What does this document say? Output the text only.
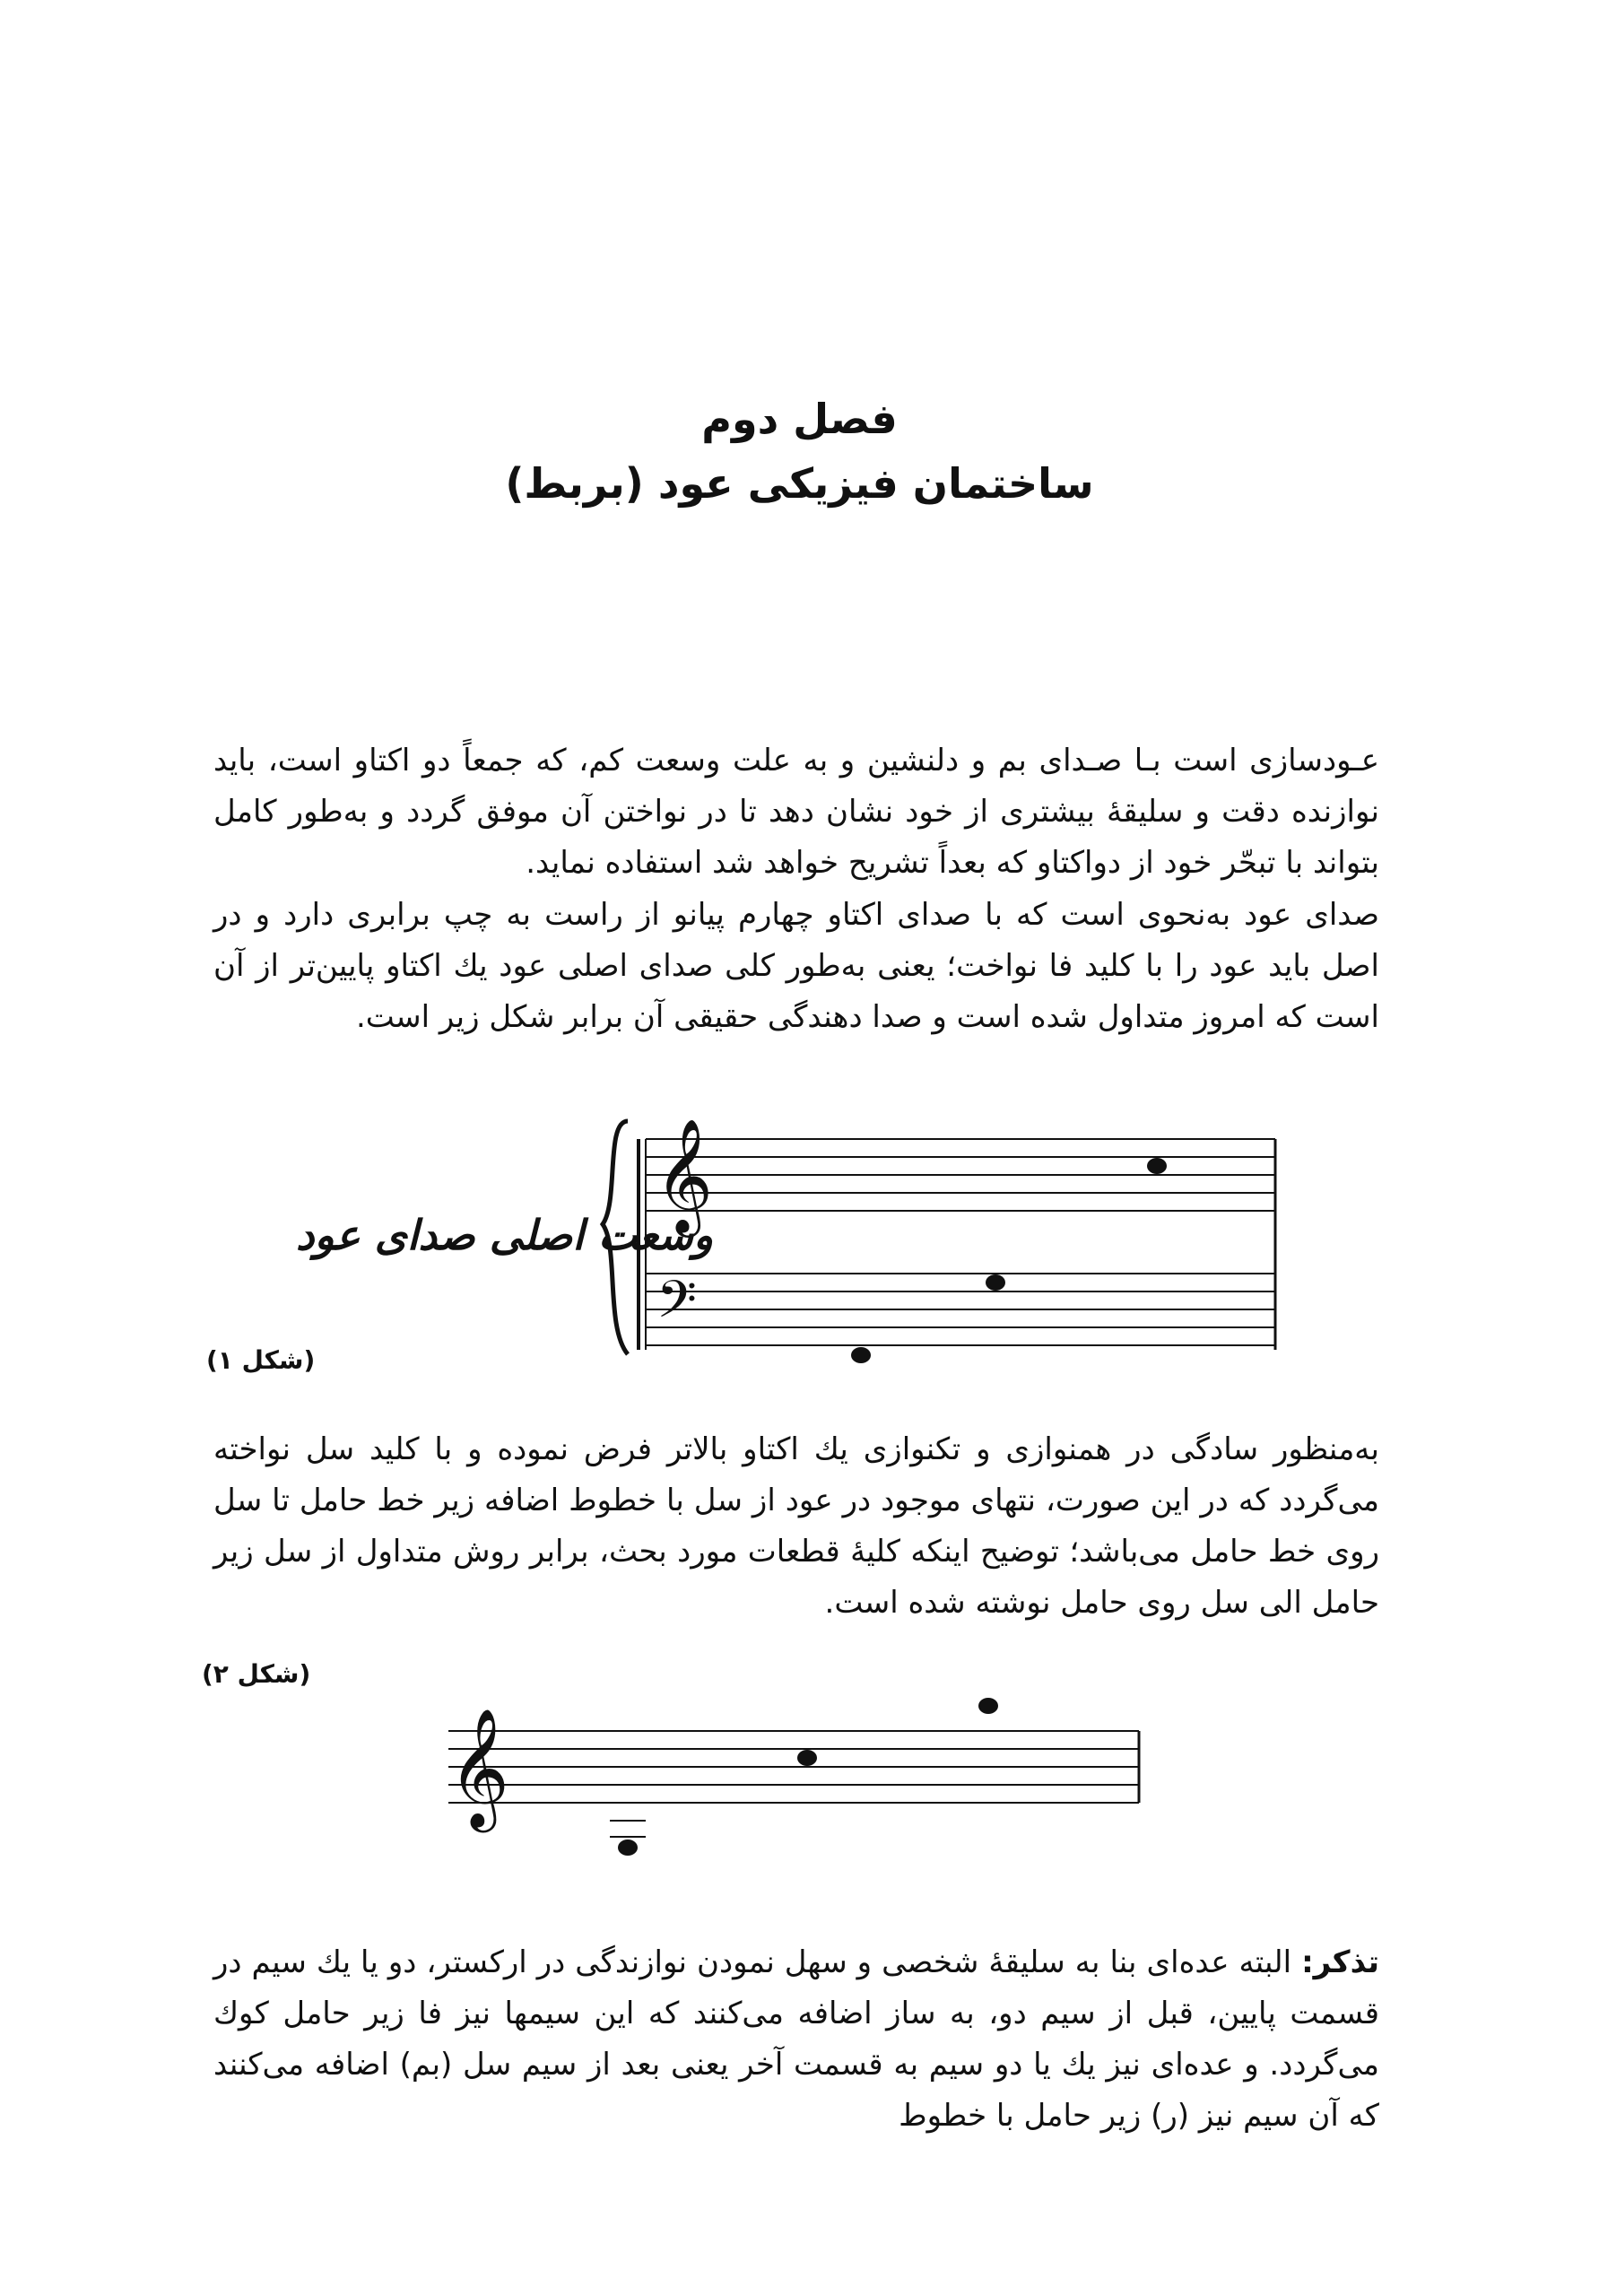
فصل دوم
ساختمان فیزیکی عود (بربط)

عـودسازی است بـا صـدای بم و دلنشین و به علت وسعت کم، که جمعاً دو اکتاو است، باید نوازنده دقت و سلیقهٔ بیشتری از خود نشان دهد تا در نواختن آن موفق گردد و به‌طور کامل بتواند با تبحّر خود از دواکتاو که بعداً تشریح خواهد شد استفاده نماید.

صدای عود به‌نحوی است که با صدای اکتاو چهارم پیانو از راست به چپ برابری دارد و در اصل باید عود را با کلید فا نواخت؛ یعنی به‌طور کلی صدای اصلی عود یك اکتاو پایین‌تر از آن است که امروز متداول شده است و صدا دهندگی حقیقی آن برابر شکل زیر است.

وسعت اصلی صدای عود
𝄞
𝄢
(شکل ۱)

به‌منظور سادگی در همنوازی و تکنوازی یك اکتاو بالاتر فرض نموده و با کلید سل نواخته می‌گردد که در این صورت، نتهای موجود در عود از سل با خطوط اضافه زیر خط حامل تا سل روی خط حامل می‌باشد؛ توضیح اینکه کلیهٔ قطعات مورد بحث، برابر روش متداول از سل زیر حامل الی سل روی حامل نوشته شده است.

𝄞
(شکل ۲)

تذکر: البته عده‌ای بنا به سلیقهٔ شخصی و سهل نمودن نوازندگی در ارکستر، دو یا یك سیم در قسمت پایین، قبل از سیم دو، به ساز اضافه می‌کنند که این سیمها نیز فا زیر حامل کوك می‌گردد. و عده‌ای نیز یك یا دو سیم به قسمت آخر یعنی بعد از سیم سل (بم) اضافه می‌کنند که آن سیم نیز (ر) زیر حامل با خطوط
